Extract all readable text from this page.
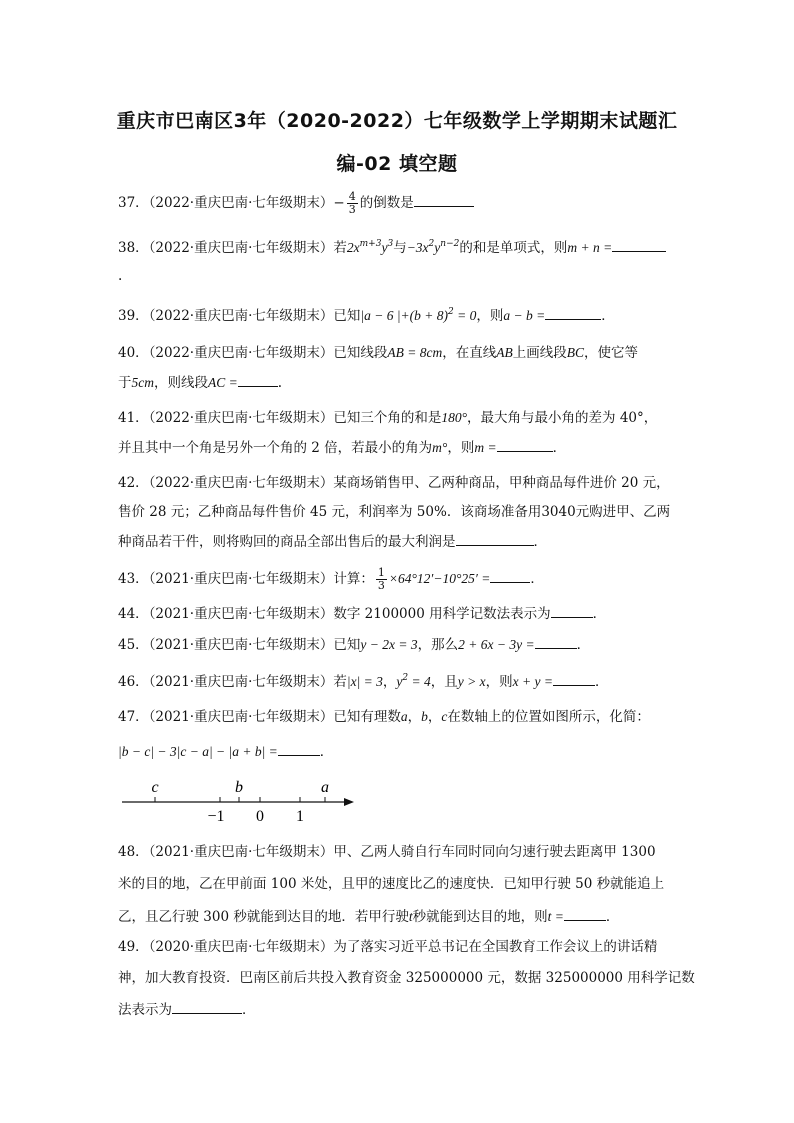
重庆市巴南区3年（2020-2022）七年级数学上学期期末试题汇
编-02 填空题
37．（2022·重庆巴南·七年级期末）− $\frac{4}{3}$ 的倒数是
38．（2022·重庆巴南·七年级期末）若$2x^{m+3}y^3$与$-3x^2y^{n-2}$的和是单项式，则m + n =
.
39．（2022·重庆巴南·七年级期末）已知|a − 6 $|+(b + 8)^2 = 0$，则a − b =	．
40．（2022·重庆巴南·七年级期末）已知线段AB = 8cm，在直线AB上画线段BC，使它等
于5cm，则线段AC =	.
41．（2022·重庆巴南·七年级期末）已知三个角的和是180°，最大角与最小角的差为 40°，
并且其中一个角是另外一个角的 2 倍，若最小的角为m°，则m =	．
42．（2022·重庆巴南·七年级期末）某商场销售甲、乙两种商品，甲种商品每件进价 20 元，
售价 28 元；乙种商品每件售价 45 元，利润率为 50%．该商场准备用3040元购进甲、乙两
种商品若干件，则将购回的商品全部出售后的最大利润是	．
43．（2021·重庆巴南·七年级期末）计算： $\frac{1}{3} \times 64^\circ 12'-10^\circ 25'$ =	．
44．（2021·重庆巴南·七年级期末）数字 2100000 用科学记数法表示为	．
45．（2021·重庆巴南·七年级期末）已知y − 2x = 3，那么2 + 6x − 3y =	．
46．（2021·重庆巴南·七年级期末）若|x| = 3，$y^2 = 4$，且y > x，则x + y =	．
47．（2021·重庆巴南·七年级期末）已知有理数a，b，c在数轴上的位置如图所示，化简：
|b − c| − 3|c − a| − |a + b| =	．
c	b	a
−1 0 1
48．（2021·重庆巴南·七年级期末）甲、乙两人骑自行车同时同向匀速行驶去距离甲 1300
米的目的地，乙在甲前面 100 米处，且甲的速度比乙的速度快．已知甲行驶 50 秒就能追上
乙，且乙行驶 300 秒就能到达目的地．若甲行驶t秒就能到达目的地，则t =	．
49．（2020·重庆巴南·七年级期末）为了落实习近平总书记在全国教育工作会议上的讲话精
神，加大教育投资．巴南区前后共投入教育资金 325000000 元，数据 325000000 用科学记数
法表示为	．
